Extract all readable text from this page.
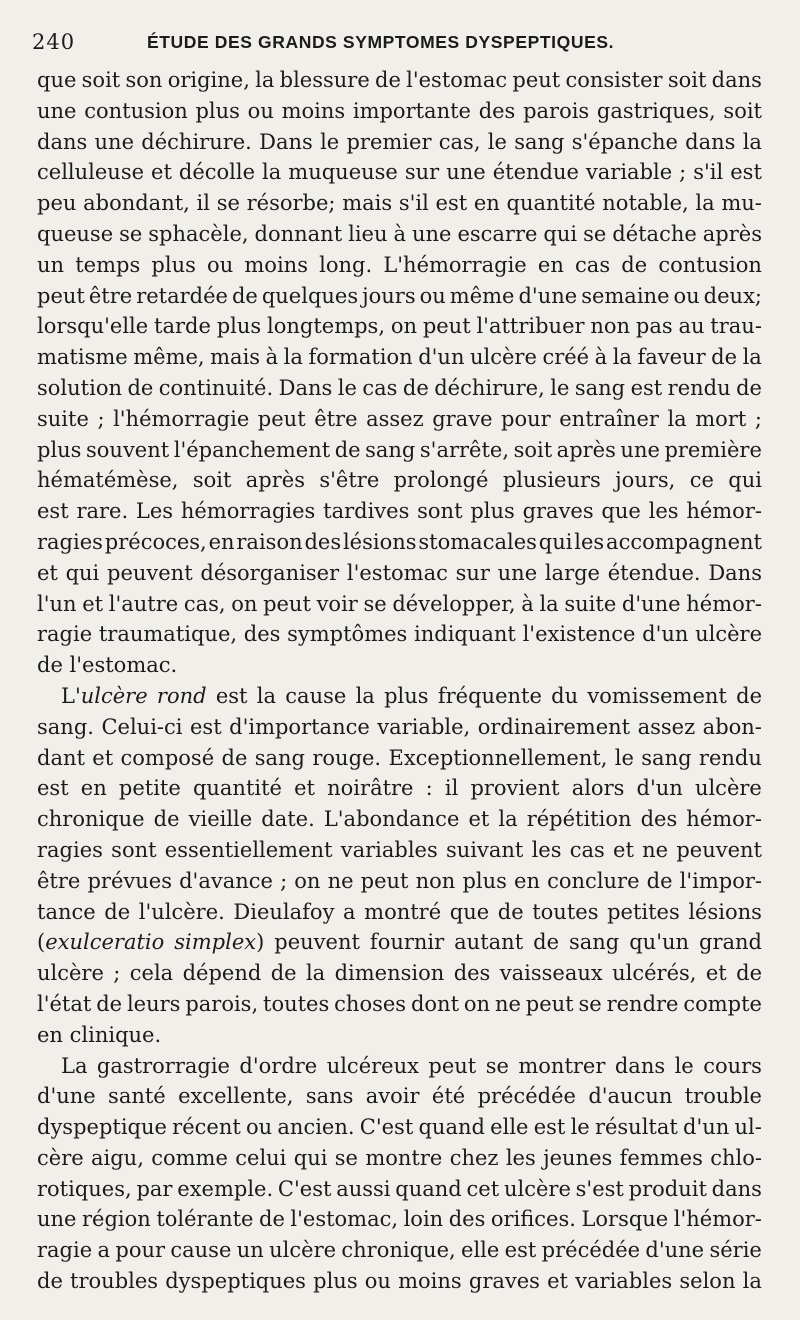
240	ÉTUDE DES GRANDS SYMPTOMES DYSPEPTIQUES.
que soit son origine, la blessure de l'estomac peut consister soit dans
une contusion plus ou moins importante des parois gastriques, soit
dans une déchirure. Dans le premier cas, le sang s'épanche dans la
celluleuse et décolle la muqueuse sur une étendue variable ; s'il est
peu abondant, il se résorbe; mais s'il est en quantité notable, la mu-
queuse se sphacèle, donnant lieu à une escarre qui se détache après
un temps plus ou moins long. L'hémorragie en cas de contusion
peut être retardée de quelques jours ou même d'une semaine ou deux;
lorsqu'elle tarde plus longtemps, on peut l'attribuer non pas au trau-
matisme même, mais à la formation d'un ulcère créé à la faveur de la
solution de continuité. Dans le cas de déchirure, le sang est rendu de
suite ; l'hémorragie peut être assez grave pour entraîner la mort ;
plus souvent l'épanchement de sang s'arrête, soit après une première
hématémèse, soit après s'être prolongé plusieurs jours, ce qui
est rare. Les hémorragies tardives sont plus graves que les hémor-
ragies précoces, en raison des lésions stomacales qui les accompagnent
et qui peuvent désorganiser l'estomac sur une large étendue. Dans
l'un et l'autre cas, on peut voir se développer, à la suite d'une hémor-
ragie traumatique, des symptômes indiquant l'existence d'un ulcère
de l'estomac.
L'ulcère rond est la cause la plus fréquente du vomissement de
sang. Celui-ci est d'importance variable, ordinairement assez abon-
dant et composé de sang rouge. Exceptionnellement, le sang rendu
est en petite quantité et noirâtre : il provient alors d'un ulcère
chronique de vieille date. L'abondance et la répétition des hémor-
ragies sont essentiellement variables suivant les cas et ne peuvent
être prévues d'avance ; on ne peut non plus en conclure de l'impor-
tance de l'ulcère. Dieulafoy a montré que de toutes petites lésions
(exulceratio simplex) peuvent fournir autant de sang qu'un grand
ulcère ; cela dépend de la dimension des vaisseaux ulcérés, et de
l'état de leurs parois, toutes choses dont on ne peut se rendre compte
en clinique.
La gastrorragie d'ordre ulcéreux peut se montrer dans le cours
d'une santé excellente, sans avoir été précédée d'aucun trouble
dyspeptique récent ou ancien. C'est quand elle est le résultat d'un ul-
cère aigu, comme celui qui se montre chez les jeunes femmes chlo-
rotiques, par exemple. C'est aussi quand cet ulcère s'est produit dans
une région tolérante de l'estomac, loin des orifices. Lorsque l'hémor-
ragie a pour cause un ulcère chronique, elle est précédée d'une série
de troubles dyspeptiques plus ou moins graves et variables selon la
